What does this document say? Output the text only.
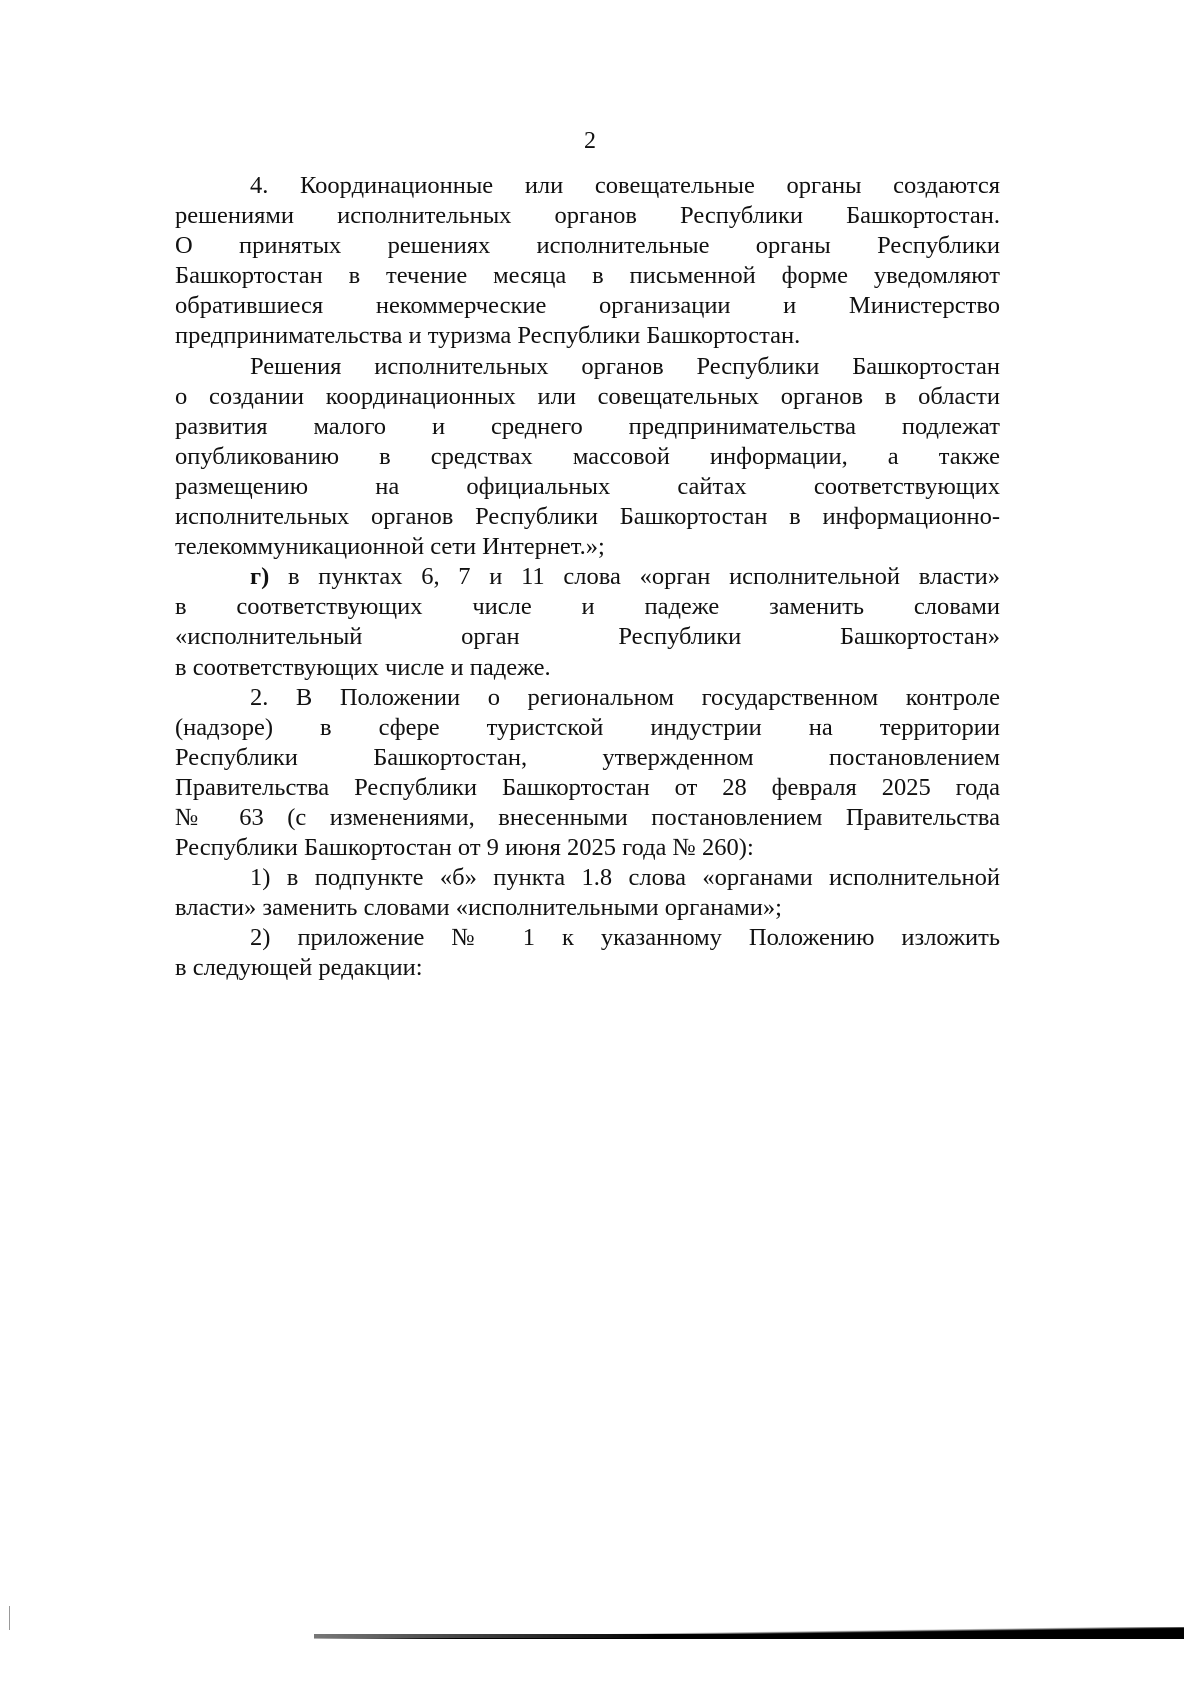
2
4. Координационные или совещательные органы создаются
решениями исполнительных органов Республики Башкортостан.
О принятых решениях исполнительные органы Республики
Башкортостан в течение месяца в письменной форме уведомляют
обратившиеся некоммерческие организации и Министерство
предпринимательства и туризма Республики Башкортостан.
Решения исполнительных органов Республики Башкортостан
о создании координационных или совещательных органов в области
развития малого и среднего предпринимательства подлежат
опубликованию в средствах массовой информации, а также
размещению на официальных сайтах соответствующих
исполнительных органов Республики Башкортостан в информационно-
телекоммуникационной сети Интернет.»;
г) в пунктах 6, 7 и 11 слова «орган исполнительной власти»
в соответствующих числе и падеже заменить словами
«исполнительный орган Республики Башкортостан»
в соответствующих числе и падеже.
2. В Положении о региональном государственном контроле
(надзоре) в сфере туристской индустрии на территории
Республики Башкортостан, утвержденном постановлением
Правительства Республики Башкортостан от 28 февраля 2025 года
№ 63 (с изменениями, внесенными постановлением Правительства
Республики Башкортостан от 9 июня 2025 года № 260):
1) в подпункте «б» пункта 1.8 слова «органами исполнительной
власти» заменить словами «исполнительными органами»;
2) приложение № 1 к указанному Положению изложить
в следующей редакции:
